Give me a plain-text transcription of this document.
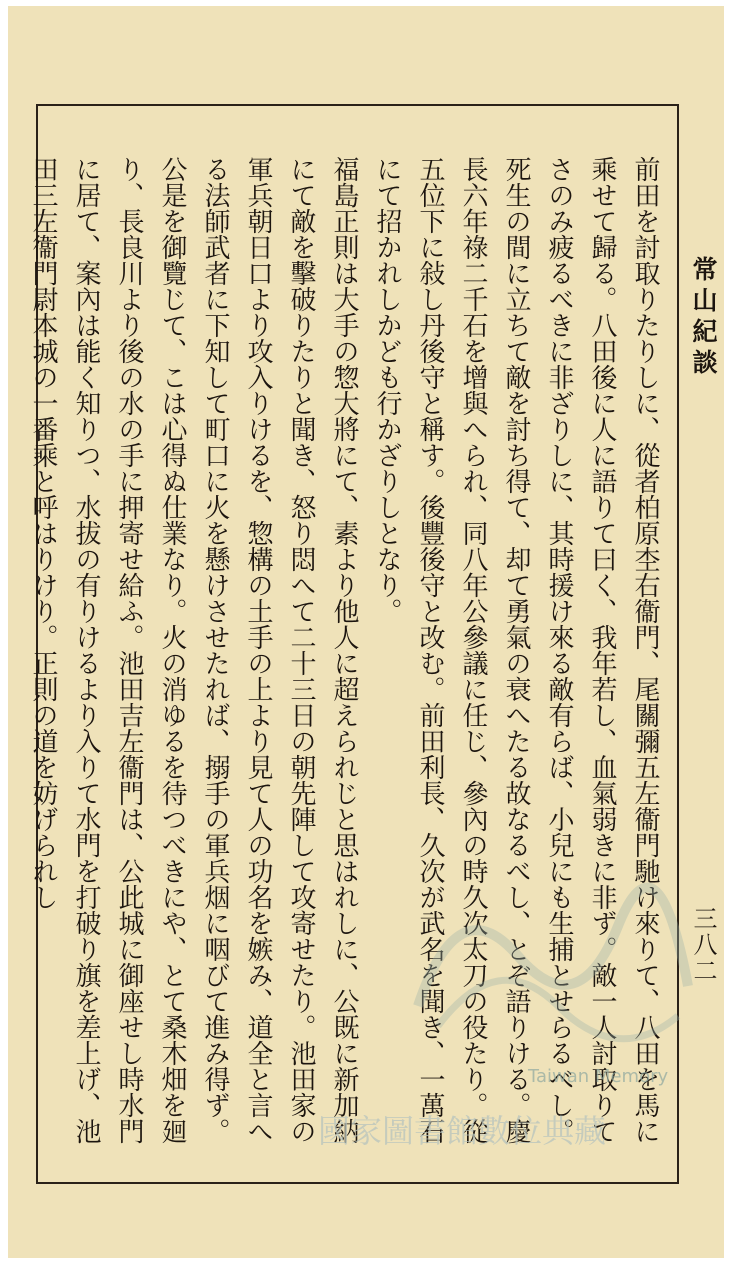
常山紀談
三八二

前田を討取りたりしに、從者柏原杢右衞門、尾關彌五左衞門馳け來りて、八田を馬に乘せて歸る。八田後に人に語りて曰く、我年若し、血氣弱きに非ず。敵一人討取りてさのみ疲るべきに非ざりしに、其時援け來る敵有らば、小兒にも生捕とせらるべし。死生の間に立ちて敵を討ち得て、却て勇氣の衰へたる故なるべし、とぞ語りける。慶長六年祿二千石を增與へられ、同八年公參議に任じ、參內の時久次太刀の役たり。從五位下に敍し丹後守と稱す。後豐後守と改む。前田利長、久次が武名を聞き、一萬石にて招かれしかども行かざりしとなり。

福島正則は大手の惣大將にて、素より他人に超えられじと思はれしに、公既に新加納にて敵を擊破りたりと聞き、怒り悶へて二十三日の朝先陣して攻寄せたり。池田家の軍兵朝日口より攻入りけるを、惣構の土手の上より見て人の功名を嫉み、道全と言へる法師武者に下知して町口に火を懸けさせたれば、搦手の軍兵烟に咽びて進み得ず。公是を御覽じて、こは心得ぬ仕業なり。火の消ゆるを待つべきにや、とて桑木畑を廻り、長良川より後の水の手に押寄せ給ふ。池田吉左衞門は、公此城に御座せし時水門に居て、案內は能く知りつ、水拔の有りけるより入りて水門を打破り旗を差上げ、池田三左衞門尉本城の一番乘と呼はりけり。正則の道を妨げられし

Taiwan Memory
國家圖書館數位典藏
